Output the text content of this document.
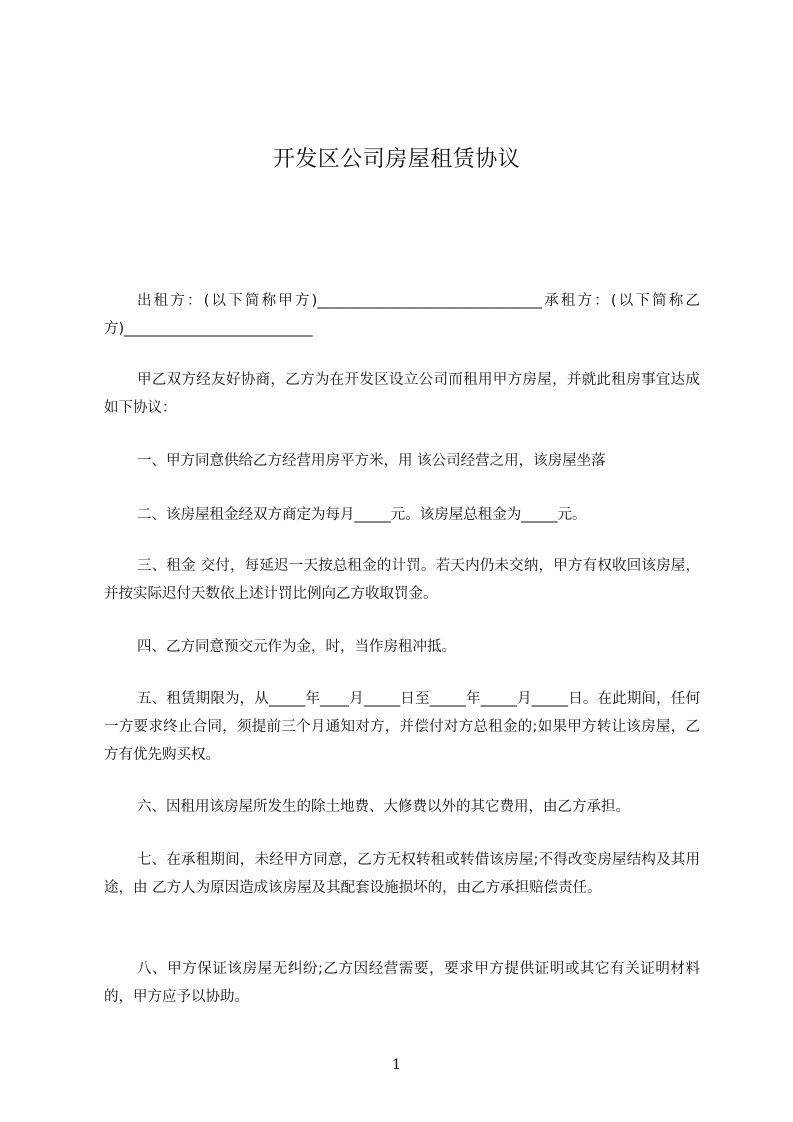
开发区公司房屋租赁协议

出租方：(以下简称甲方)_______________________________承租方：(以下简称乙方)__________________________

甲乙双方经友好协商，乙方为在开发区设立公司而租用甲方房屋，并就此租房事宜达成如下协议：

一、甲方同意供给乙方经营用房平方米，用 该公司经营之用，该房屋坐落

二、该房屋租金经双方商定为每月_____元。该房屋总租金为_____元。

三、租金 交付，每延迟一天按总租金的计罚。若天内仍未交纳，甲方有权收回该房屋，并按实际迟付天数依上述计罚比例向乙方收取罚金。

四、乙方同意预交元作为金，时，当作房租冲抵。

五、租赁期限为，从_____年____月_____日至_____年_____月_____日。在此期间，任何一方要求终止合同，须提前三个月通知对方，并偿付对方总租金的;如果甲方转让该房屋，乙方有优先购买权。

六、因租用该房屋所发生的除土地费、大修费以外的其它费用，由乙方承担。

七、在承租期间，未经甲方同意，乙方无权转租或转借该房屋;不得改变房屋结构及其用途，由 乙方人为原因造成该房屋及其配套设施损坏的，由乙方承担赔偿责任。

八、甲方保证该房屋无纠纷;乙方因经营需要，要求甲方提供证明或其它有关证明材料的，甲方应予以协助。

1
